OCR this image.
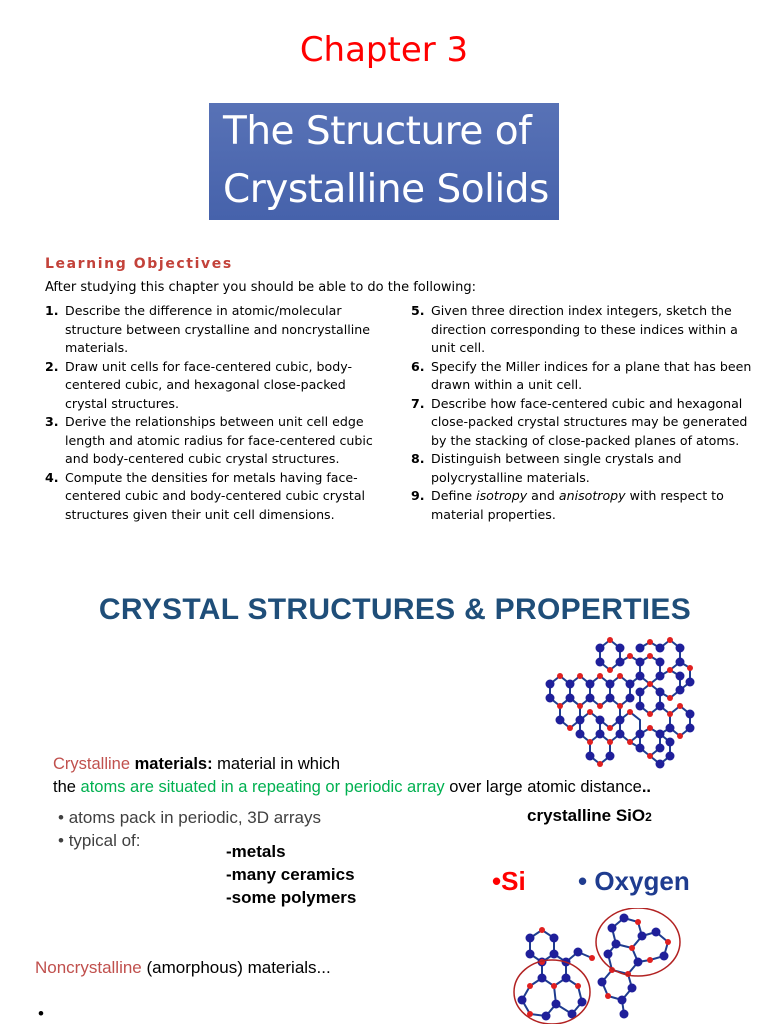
Chapter 3
The Structure of
Crystalline Solids
Learning Objectives
After studying this chapter you should be able to do the following:
1. Describe the difference in atomic/molecular structure between crystalline and noncrystalline materials.
2. Draw unit cells for face-centered cubic, body-centered cubic, and hexagonal close-packed crystal structures.
3. Derive the relationships between unit cell edge length and atomic radius for face-centered cubic and body-centered cubic crystal structures.
4. Compute the densities for metals having face-centered cubic and body-centered cubic crystal structures given their unit cell dimensions.
5. Given three direction index integers, sketch the direction corresponding to these indices within a unit cell.
6. Specify the Miller indices for a plane that has been drawn within a unit cell.
7. Describe how face-centered cubic and hexagonal close-packed crystal structures may be generated by the stacking of close-packed planes of atoms.
8. Distinguish between single crystals and polycrystalline materials.
9. Define isotropy and anisotropy with respect to material properties.
CRYSTAL STRUCTURES & PROPERTIES
Crystalline materials: material in which
the atoms are situated in a repeating or periodic array over large atomic distance..
• atoms pack in periodic, 3D arrays
• typical of:
-metals
-many ceramics
-some polymers
crystalline SiO2
•Si • Oxygen
Noncrystalline (amorphous) materials...
•
